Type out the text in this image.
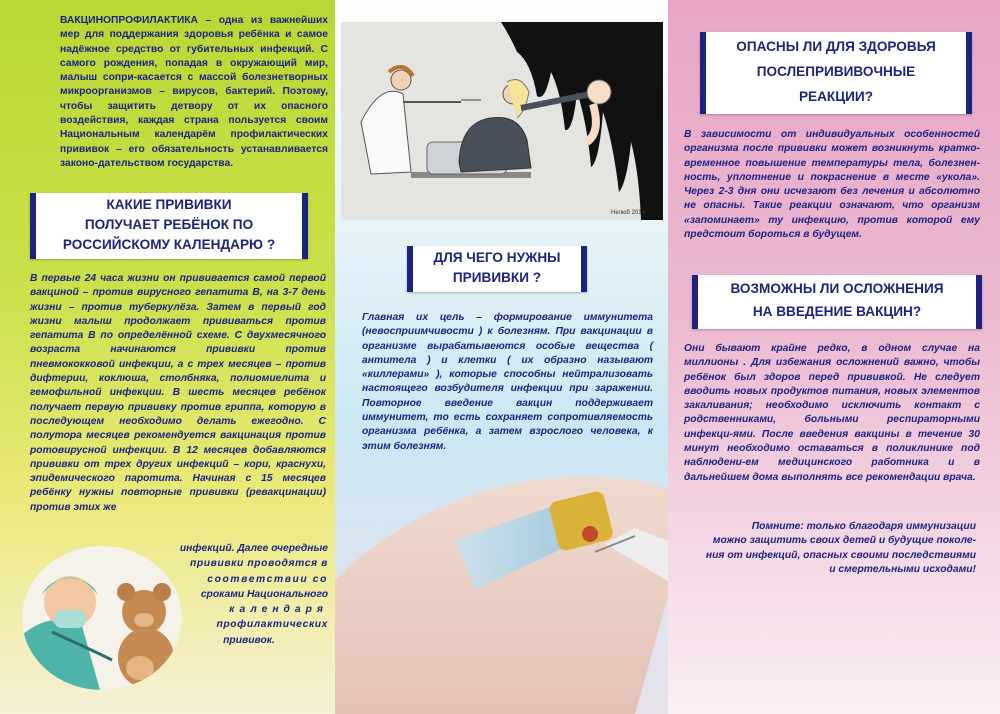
ВАКЦИНОПРОФИЛАКТИКА – одна из важнейших мер для поддержания здоровья ребёнка и самое надёжное средство от губительных инфекций. С самого рождения, попадая в окружающий мир, малыш сопри-касается с массой болезнетворных микроорганизмов – вирусов, бактерий. Поэтому, чтобы защитить детвору от их опасного воздействия, каждая страна пользуется своим Национальным календарём профилактических прививок – его обязательность устанавливается законо-дательством государства.

КАКИЕ ПРИВИВКИ
ПОЛУЧАЕТ РЕБЁНОК ПО
РОССИЙСКОМУ КАЛЕНДАРЮ ?

В первые 24 часа жизни он прививается самой первой вакциной – против вирусного гепатита В, на 3-7 день жизни – против туберкулёза. Затем в первый год жизни малыш продолжает прививаться против гепатита В по определённой схеме. С двухмесячного возраста начинаются прививки против пневмококковой инфекции, а с трех месяцев – против дифтерии, коклюша, столбняка, полиомиелита и гемофильной инфекции. В шесть месяцев ребёнок получает первую прививку против гриппа, которую в последующем необходимо делать ежегодно. С полутора месяцев рекомендуется вакцинация против ротовирусной инфекции. В 12 месяцев добавляются прививки от трех других инфекций – кори, краснухи, эпидемического паротита. Начиная с 15 месяцев ребёнку нужны повторные прививки (ревакцинации) против этих же

инфекций. Далее очередные
прививки проводятся в
соответствии со
сроками Национального
календаря
профилактических
прививок.
Нелюб 2014
ДЛЯ ЧЕГО НУЖНЫ
ПРИВИВКИ ?

Главная их цель – формирование иммунитета (невосприимчивости ) к болезням. При вакцинации в организме вырабатывеются особые вещества ( антитела ) и клетки ( их образно называют «киллерами» ), которые способны нейтрализовать настоящего возбудителя инфекции при заражении. Повторное введение вакцин поддерживает иммунитет, то есть сохраняет сопротивляемость организма ребёнка, а затем взрослого человека, к этим болезням.

ОПАСНЫ ЛИ ДЛЯ ЗДОРОВЬЯ
ПОСЛЕПРИВИВОЧНЫЕ
РЕАКЦИИ?

В зависимости от индивидуальных особенностей организма после прививки может возникнуть кратко-временное повышение температуры тела, болезнен-ность, уплотнение и покраснение в месте «укола». Через 2-3 дня они исчезают без лечения и абсолютно не опасны. Такие реакции означают, что организм «запоминает» ту инфекцию, против которой ему предстоит бороться в будущем.

ВОЗМОЖНЫ ЛИ ОСЛОЖНЕНИЯ
НА ВВЕДЕНИЕ ВАКЦИН?

Они бывают крайне редко, в одном случае на миллионы . Для избежания осложнений важно, чтобы ребёнок был здоров перед прививкой. Не следует вводить новых продуктов питания, новых элементов закаливания; необходимо исключить контакт с родственниками, больными респираторными инфекци-ями. После введения вакцины в течение 30 минут необходимо оставаться в поликлинике под наблюдени-ем медицинского работника и в дальнейшем дома выполнять все рекомендации врача.

Помните: только благодаря иммунизации
можно защитить своих детей и будущие поколе-
ния от инфекций, опасных своими последствиями
и смертельными исходами!
